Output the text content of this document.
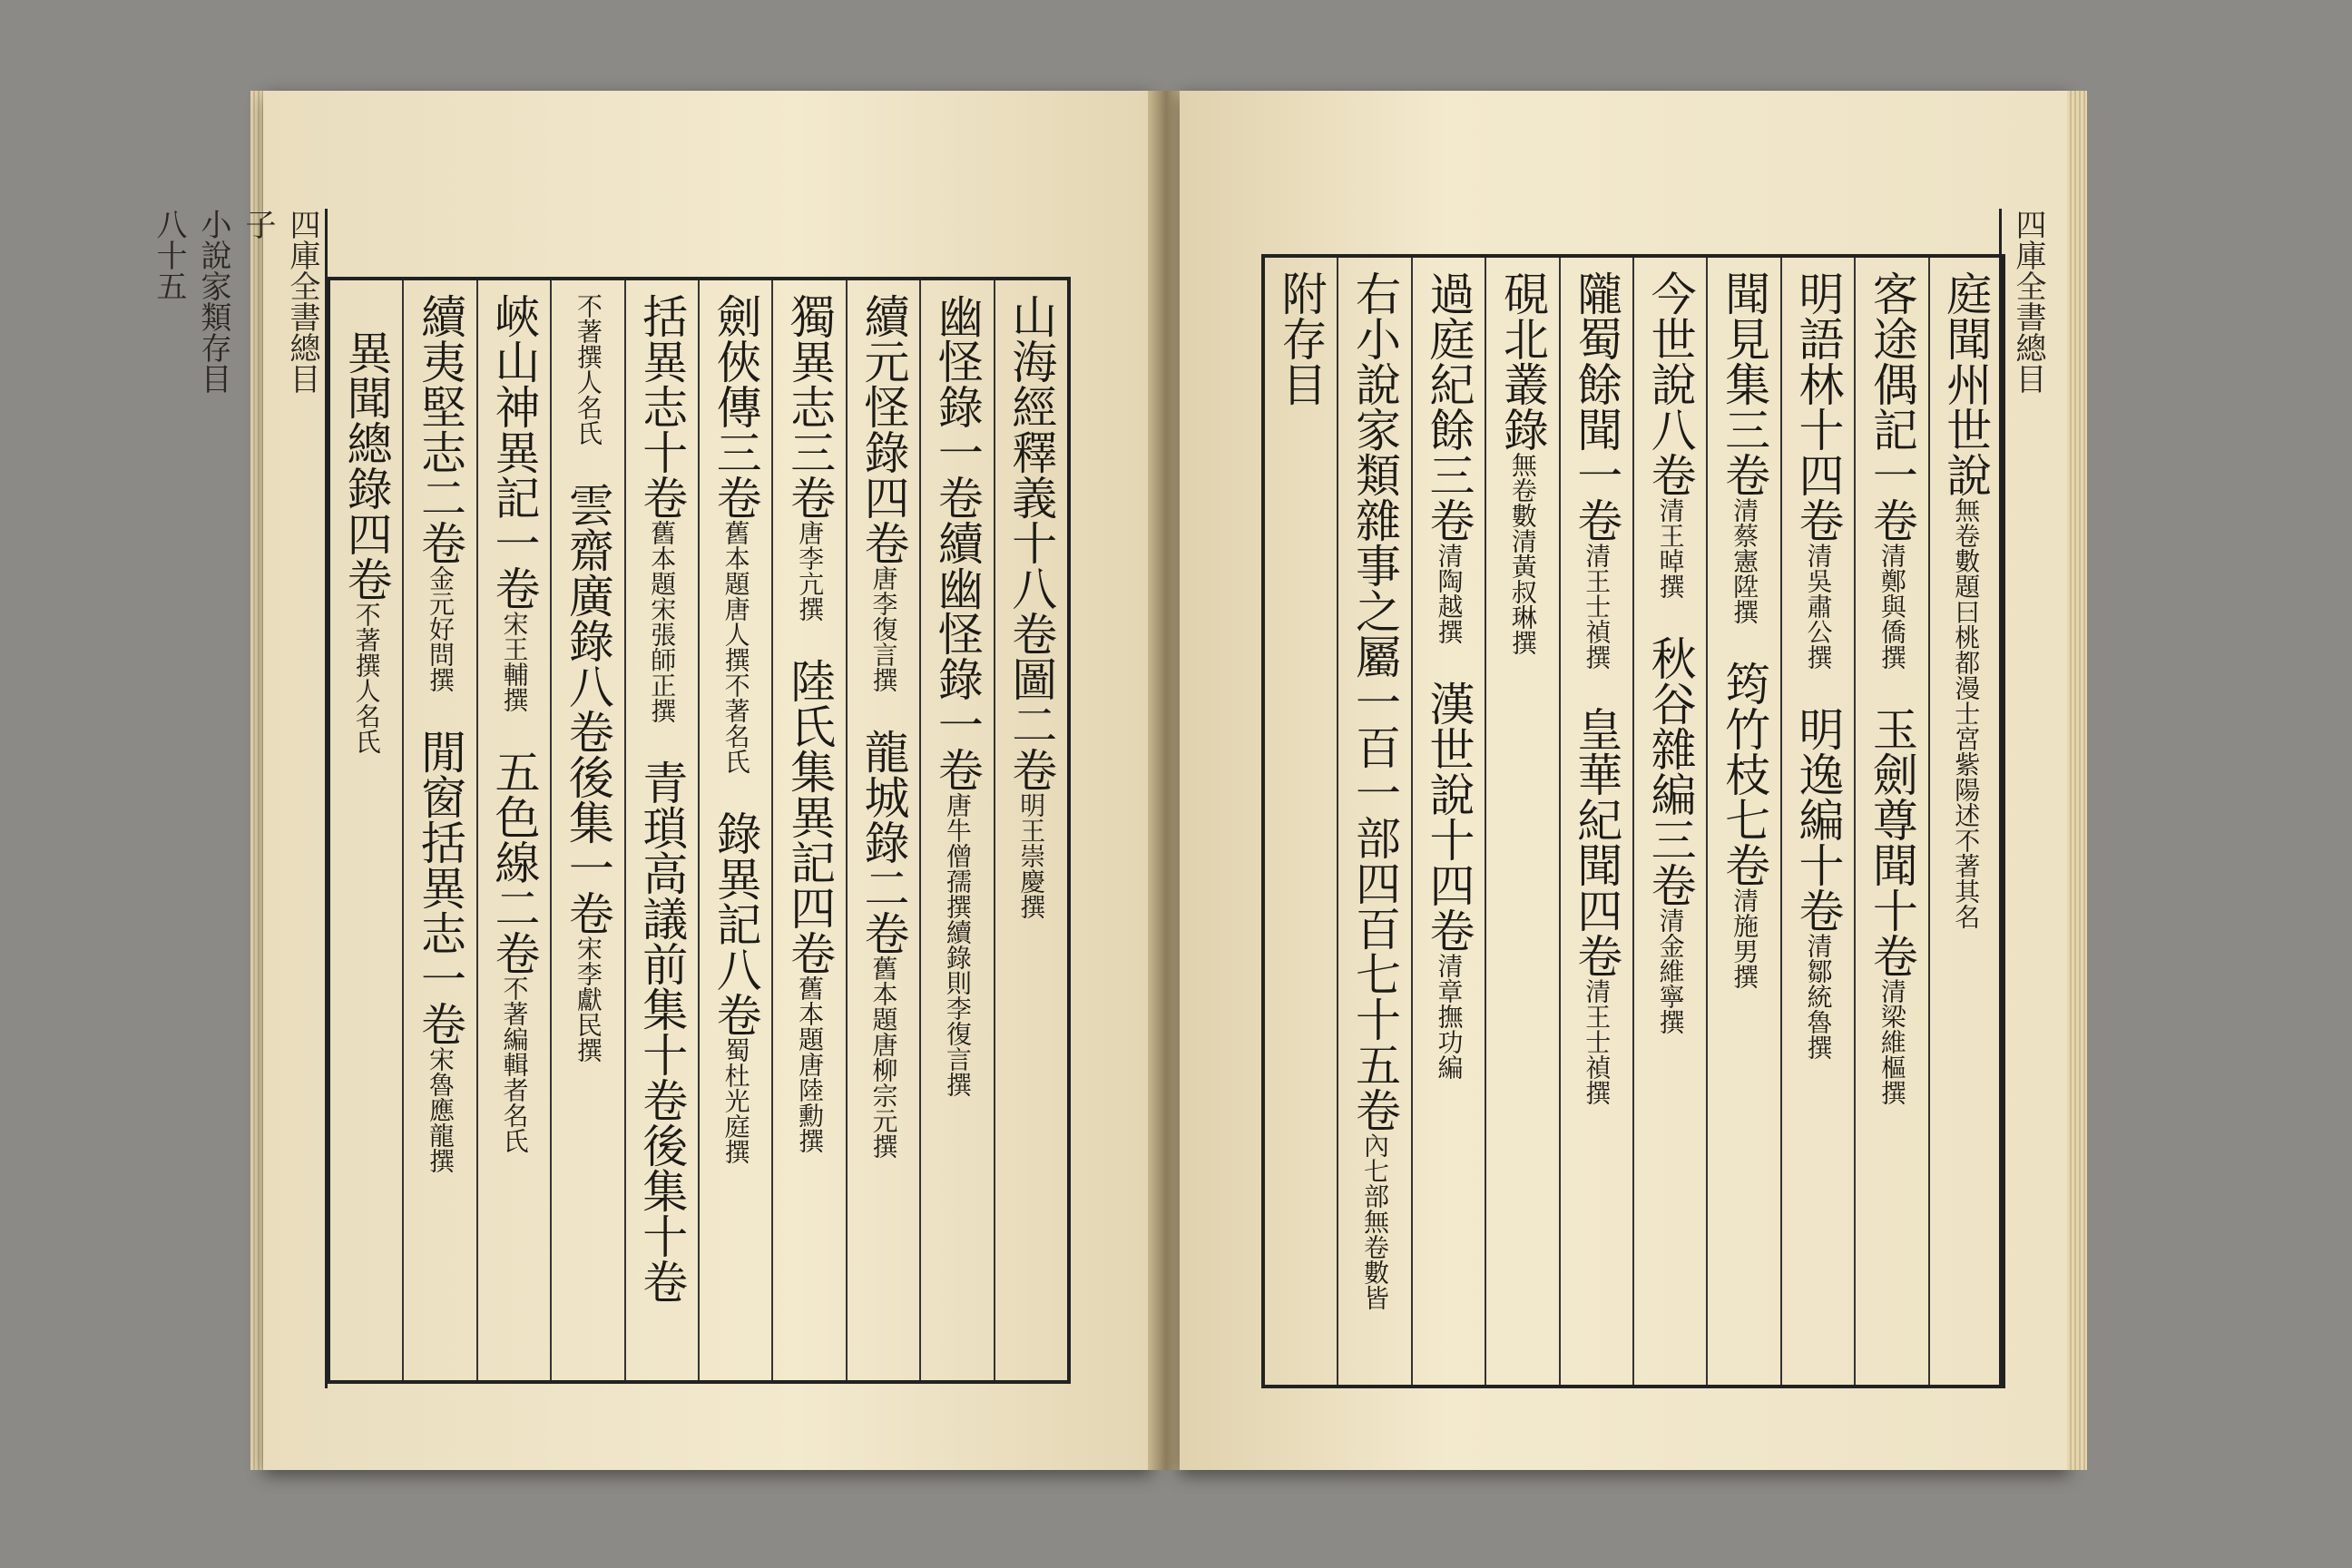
四庫全書總目
子
小說家類存目
八十五
山海經釋義十八卷圖二卷
明王崇慶撰
幽怪錄一卷續幽怪錄一卷
唐牛僧孺撰續錄則李復言撰
續元怪錄四卷
唐李復言撰
龍城錄二卷
舊本題唐柳宗元撰
獨異志三卷
唐李亢撰
陸氏集異記四卷
舊本題唐陸勳撰
劍俠傳三卷
舊本題唐人撰不著名氏
錄異記八卷
蜀杜光庭撰
括異志十卷
舊本題宋張師正撰
青瑣高議前集十卷後集十卷
不著撰人名氏
雲齋廣錄八卷後集一卷
宋李獻民撰
峽山神異記一卷
宋王輔撰
五色線二卷
不著編輯者名氏
續夷堅志二卷
金元好問撰
閒窗括異志一卷
宋魯應龍撰
異聞總錄四卷
不著撰人名氏
四庫全書總目
庭聞州世說
無卷數
題曰桃都漫士宮紫陽述不著其名
客途偶記一卷
清鄭與僑撰
玉劍尊聞十卷
清梁維樞撰
明語林十四卷
清吳肅公撰
明逸編十卷
清鄒統魯撰
聞見集三卷
清蔡憲陞撰
筠竹枝七卷
清施男撰
今世說八卷
清王晫撰
秋谷雜編三卷
清金維寧撰
隴蜀餘聞一卷
清王士禎撰
皇華紀聞四卷
清王士禎撰
硯北叢錄
無卷數清黃叔琳撰
過庭紀餘三卷
清陶越撰
漢世說十四卷
清章撫功編
右小說家類雜事之屬一百一部四百七十五卷
內七部無卷數皆
附存目
